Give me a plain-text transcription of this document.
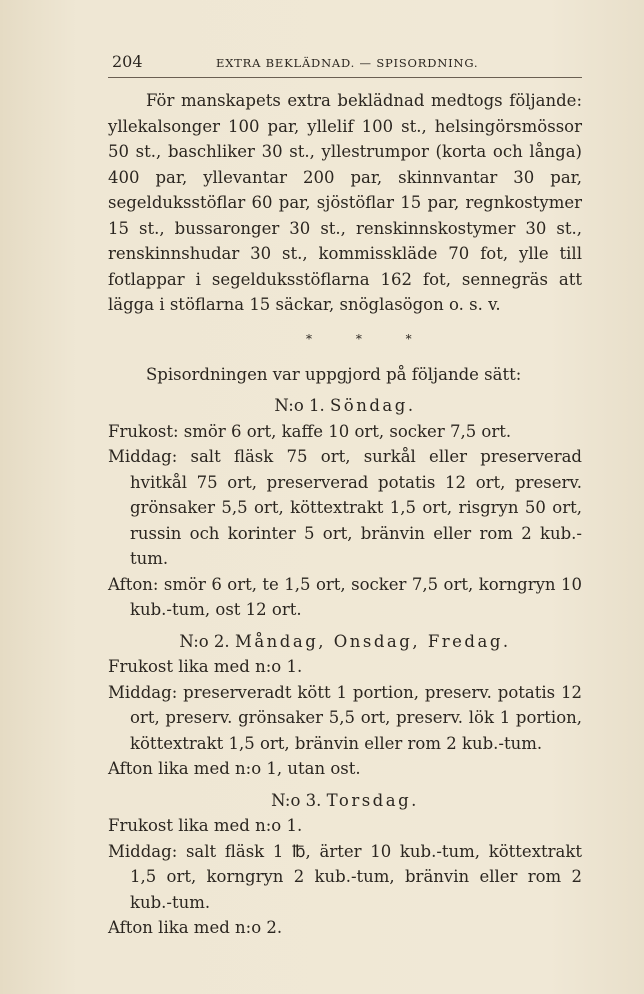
204	EXTRA BEKLÄDNAD. — SPISORDNING.

För manskapets extra beklädnad medtogs följande: yllekalsonger 100 par, yllelif 100 st., helsingörsmössor 50 st., baschliker 30 st., yllestrumpor (korta och långa) 400 par, yllevantar 200 par, skinnvantar 30 par, segelduksstöflar 60 par, sjöstöflar 15 par, regnkostymer 15 st., bussaronger 30 st., renskinnskostymer 30 st., renskinnshudar 30 st., kommisskläde 70 fot, ylle till fotlappar i segelduksstöflarna 162 fot, sennegräs att lägga i stöflarna 15 säckar, snöglasögon o. s. v.

* * *

Spisordningen var uppgjord på följande sätt:

N:o 1. Söndag.

Frukost: smör 6 ort, kaffe 10 ort, socker 7,5 ort.

Middag: salt fläsk 75 ort, surkål eller preserverad hvitkål 75 ort, preserverad potatis 12 ort, preserv. grönsaker 5,5 ort, köttextrakt 1,5 ort, risgryn 50 ort, russin och korinter 5 ort, bränvin eller rom 2 kub.-tum.

Afton: smör 6 ort, te 1,5 ort, socker 7,5 ort, korngryn 10 kub.-tum, ost 12 ort.

N:o 2. Måndag, Onsdag, Fredag.

Frukost lika med n:o 1.

Middag: preserveradt kött 1 portion, preserv. potatis 12 ort, preserv. grönsaker 5,5 ort, preserv. lök 1 portion, köttextrakt 1,5 ort, bränvin eller rom 2 kub.-tum.

Afton lika med n:o 1, utan ost.

N:o 3. Torsdag.

Frukost lika med n:o 1.

Middag: salt fläsk 1 ℔, ärter 10 kub.-tum, köttextrakt 1,5 ort, korngryn 2 kub.-tum, bränvin eller rom 2 kub.-tum.

Afton lika med n:o 2.
